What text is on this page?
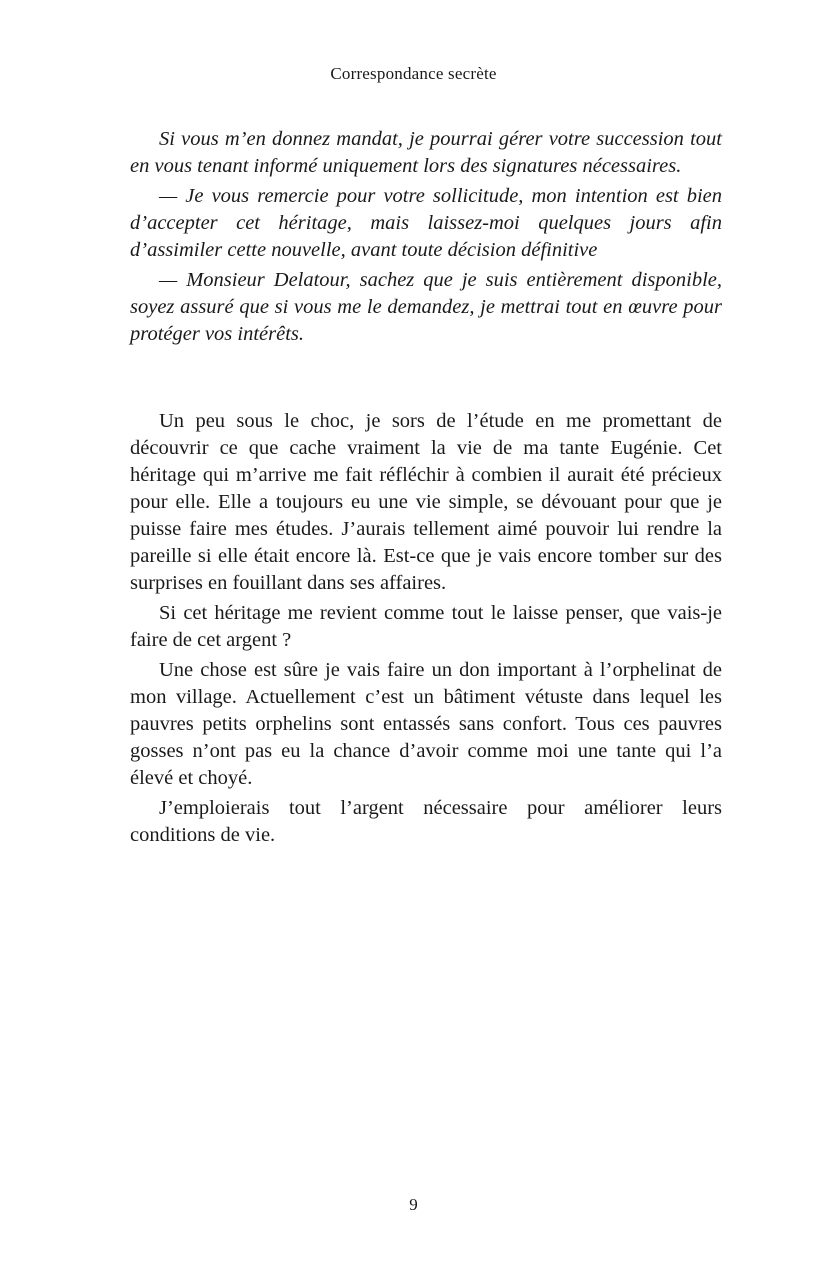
Correspondance secrète

Si vous m’en donnez mandat, je pourrai gérer votre succession tout en vous tenant informé uniquement lors des signatures nécessaires.

— Je vous remercie pour votre sollicitude, mon intention est bien d’accepter cet héritage, mais laissez-moi quelques jours afin d’assimiler cette nouvelle, avant toute décision définitive

— Monsieur Delatour, sachez que je suis entièrement disponible, soyez assuré que si vous me le demandez, je mettrai tout en œuvre pour protéger vos intérêts.

Un peu sous le choc, je sors de l’étude en me promettant de découvrir ce que cache vraiment la vie de ma tante Eugénie. Cet héritage qui m’arrive me fait réfléchir à combien il aurait été précieux pour elle. Elle a toujours eu une vie simple, se dévouant pour que je puisse faire mes études. J’aurais tellement aimé pouvoir lui rendre la pareille si elle était encore là. Est-ce que je vais encore tomber sur des surprises en fouillant dans ses affaires.

Si cet héritage me revient comme tout le laisse penser, que vais-je faire de cet argent ?

Une chose est sûre je vais faire un don important à l’orphelinat de mon village. Actuellement c’est un bâtiment vétuste dans lequel les pauvres petits orphelins sont entassés sans confort. Tous ces pauvres gosses n’ont pas eu la chance d’avoir comme moi une tante qui l’a élevé et choyé.

J’emploierais tout l’argent nécessaire pour améliorer leurs conditions de vie.

9
